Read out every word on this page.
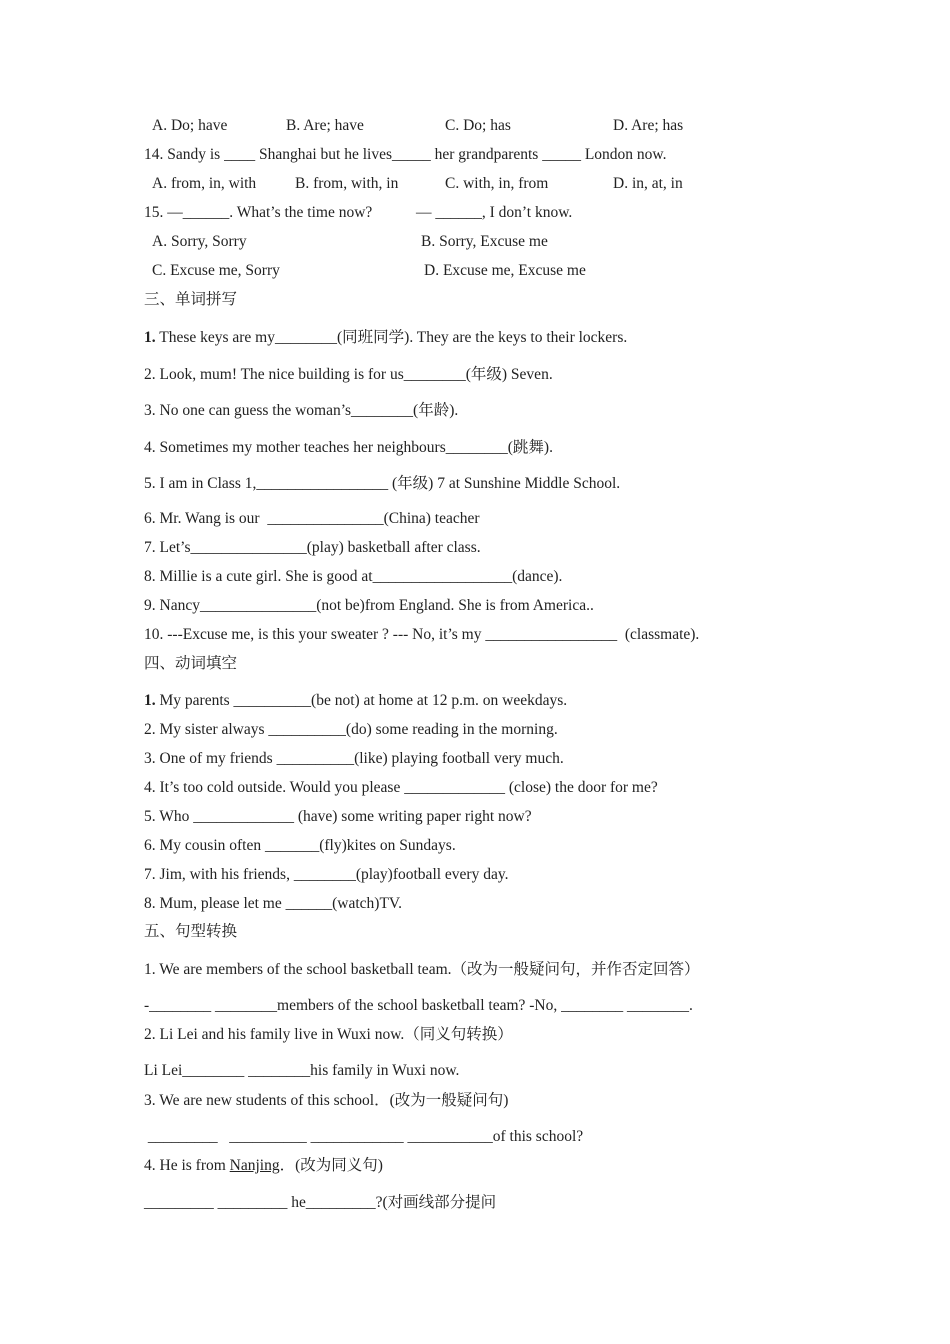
A. Do; have	B. Are; have	C. Do; has	D. Are; has
14. Sandy is ____ Shanghai but he lives_____ her grandparents _____ London now.
A. from, in, with	B. from, with, in	C. with, in, from	D. in, at, in
15. —______. What’s the time now?	— ______, I don’t know.
A. Sorry, Sorry	B. Sorry, Excuse me
C. Excuse me, Sorry	D. Excuse me, Excuse me
三、单词拼写
1. These keys are my________(同班同学). They are the keys to their lockers.
2. Look, mum! The nice building is for us________(年级) Seven.
3. No one can guess the woman’s________(年龄).
4. Sometimes my mother teaches her neighbours________(跳舞).
5. I am in Class 1,_________________ (年级) 7 at Sunshine Middle School.
6. Mr. Wang is our  _______________(China) teacher
7. Let’s_______________(play) basketball after class.
8. Millie is a cute girl. She is good at__________________(dance).
9. Nancy_______________(not be)from England. She is from America..
10. ---Excuse me, is this your sweater ? --- No, it’s my _________________  (classmate).
四、动词填空
1. My parents __________(be not) at home at 12 p.m. on weekdays.
2. My sister always __________(do) some reading in the morning.
3. One of my friends __________(like) playing football very much.
4. It’s too cold outside. Would you please _____________ (close) the door for me?
5. Who _____________ (have) some writing paper right now?
6. My cousin often _______(fly)kites on Sundays.
7. Jim, with his friends, ________(play)football every day.
8. Mum, please let me ______(watch)TV.
五、句型转换
1. We are members of the school basketball team.（改为一般疑问句，并作否定回答）
-________ ________members of the school basketball team? -No, ________ ________.
2. Li Lei and his family live in Wuxi now.（同义句转换）
Li Lei________ ________his family in Wuxi now.
3. We are new students of this school．(改为一般疑问句)
_________   __________ ____________ ___________of this school?
4. He is from Nanjing．(改为同义句)
_________ _________ he_________?(对画线部分提问
